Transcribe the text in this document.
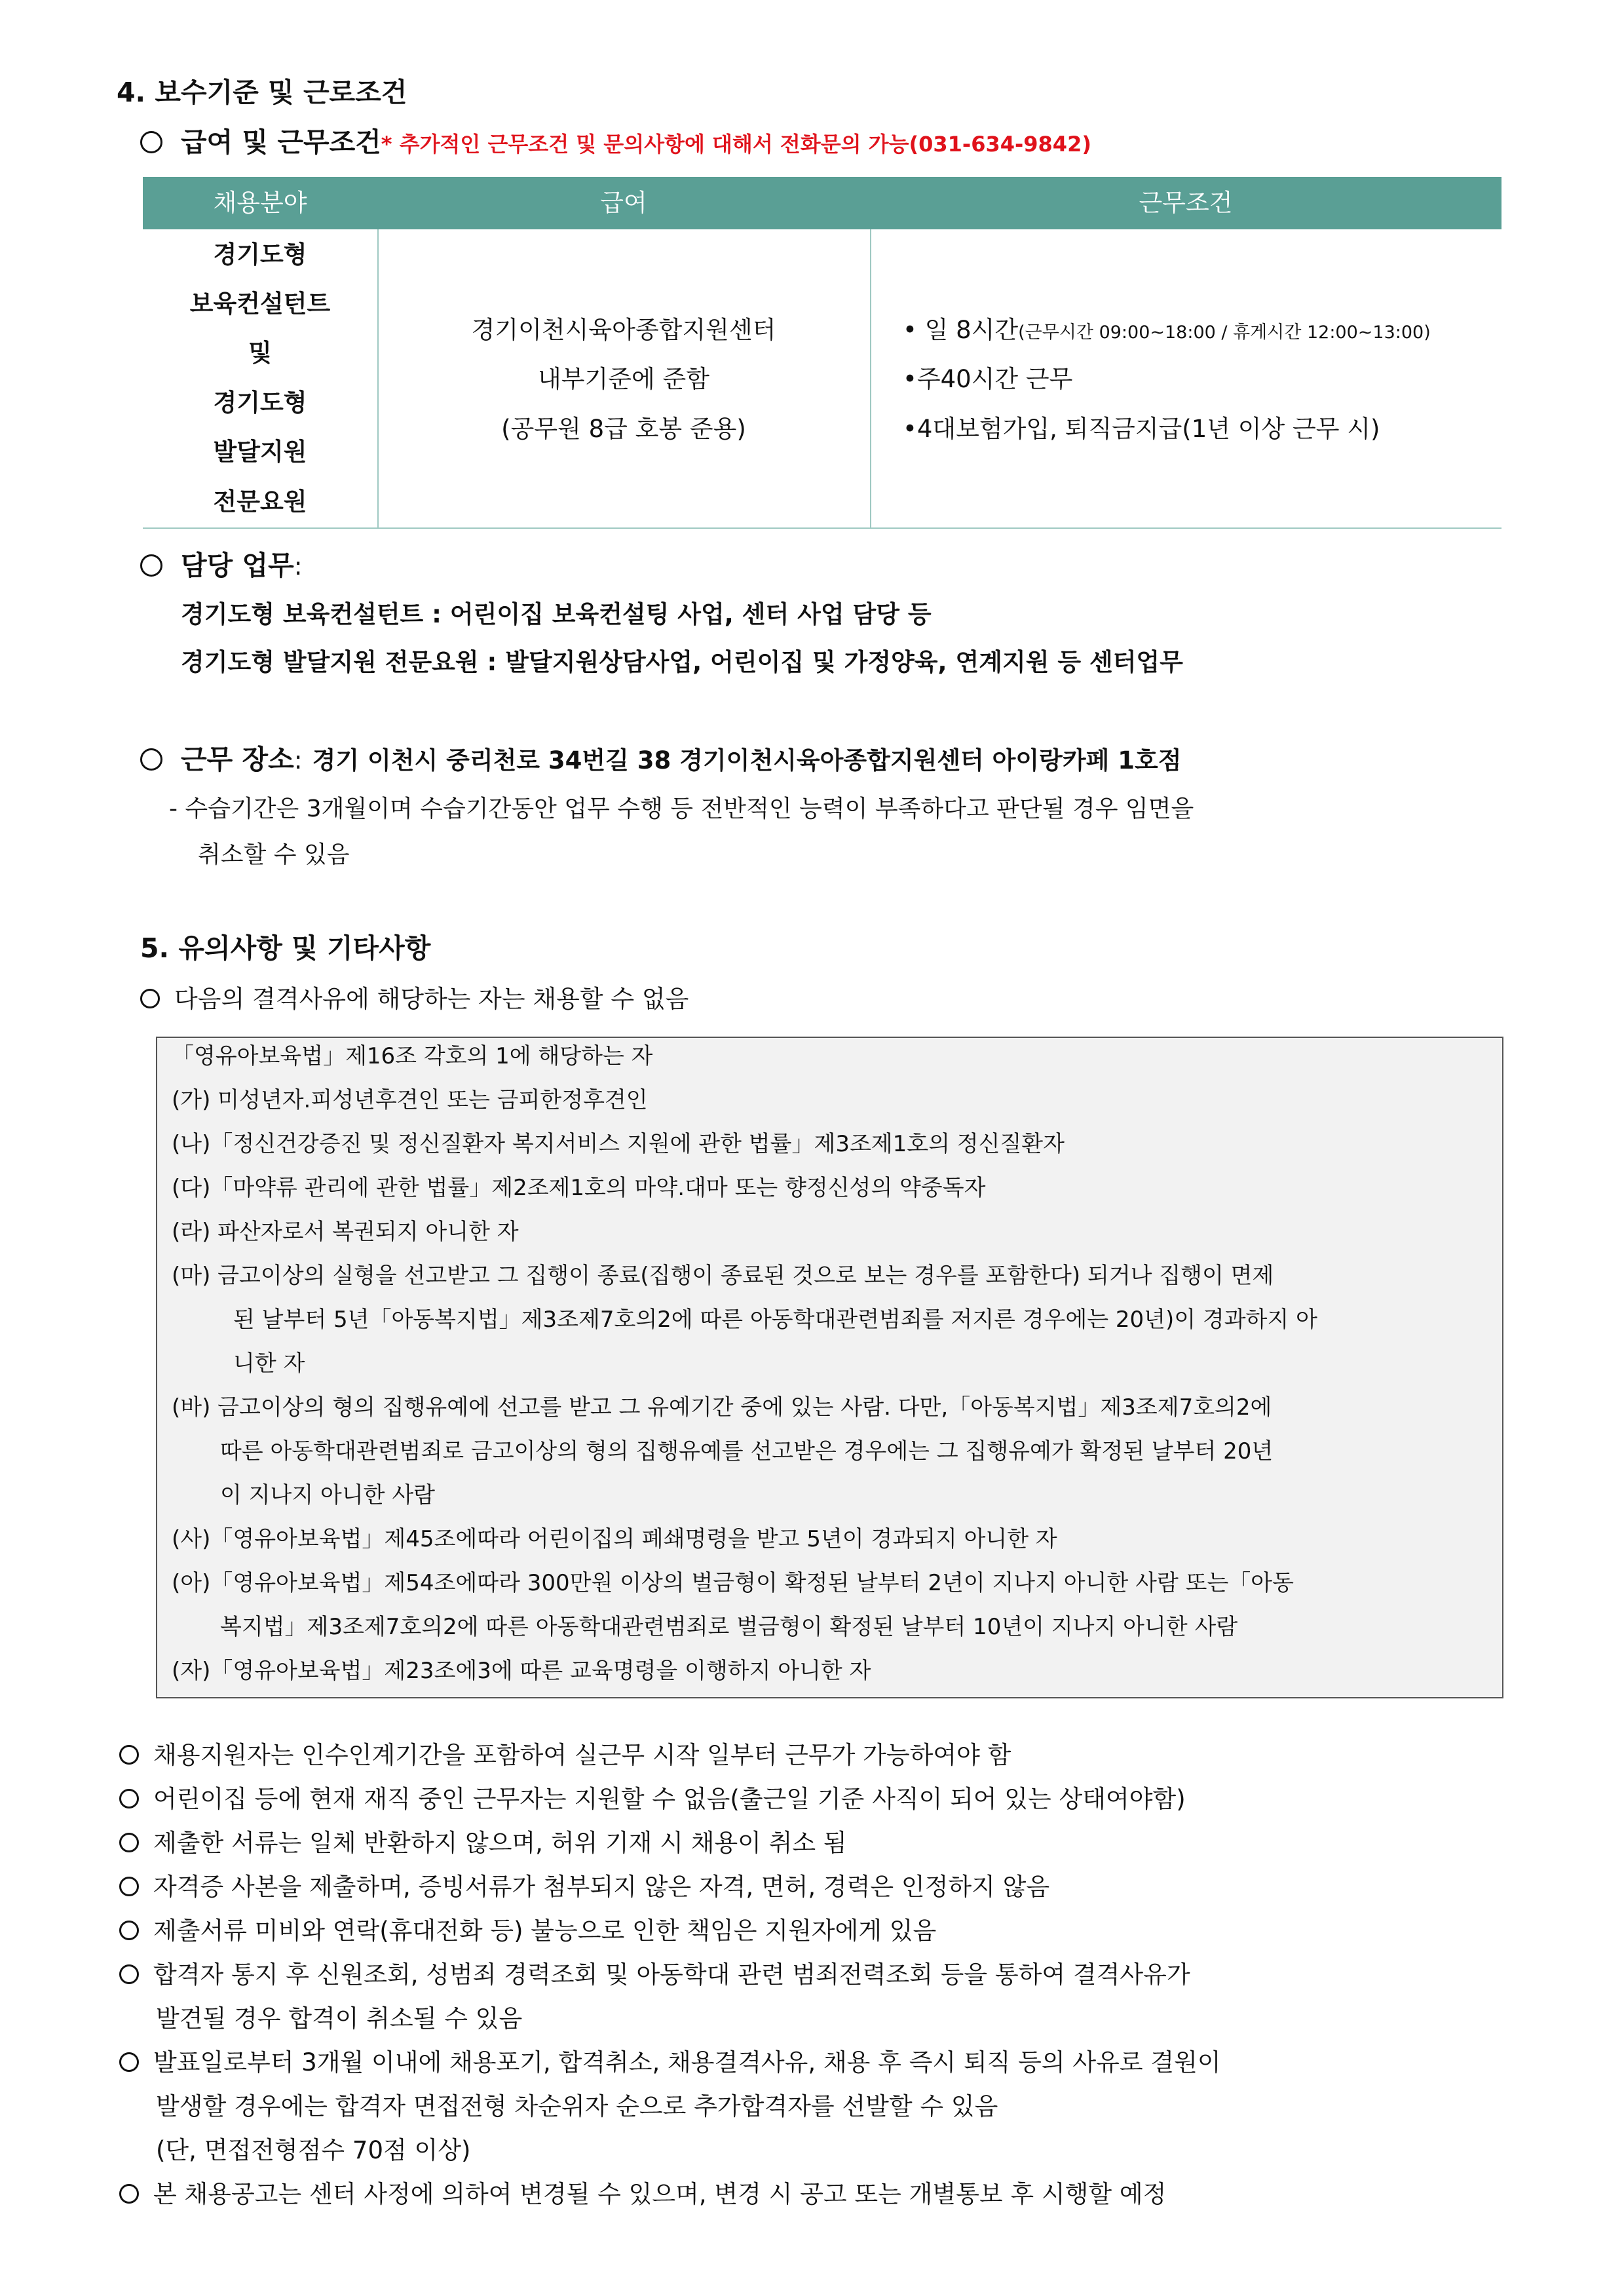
4. 보수기준 및 근로조건
급여 및 근무조건* 추가적인 근무조건 및 문의사항에 대해서 전화문의 가능(031-634-9842)
채용분야	급여	근무조건
경기도형
보육컨설턴트
및
경기도형
발달지원
전문요원
경기이천시육아종합지원센터
내부기준에 준함
(공무원 8급 호봉 준용)
• 일 8시간(근무시간 09:00~18:00 / 휴게시간 12:00~13:00)
•주40시간 근무
•4대보험가입, 퇴직금지급(1년 이상 근무 시)
담당 업무:
경기도형 보육컨설턴트 : 어린이집 보육컨설팅 사업, 센터 사업 담당 등
경기도형 발달지원 전문요원 : 발달지원상담사업, 어린이집 및 가정양육, 연계지원 등 센터업무
근무 장소: 경기 이천시 중리천로 34번길 38 경기이천시육아종합지원센터 아이랑카페 1호점
- 수습기간은 3개월이며 수습기간동안 업무 수행 등 전반적인 능력이 부족하다고 판단될 경우 임면을
취소할 수 있음
5. 유의사항 및 기타사항
다음의 결격사유에 해당하는 자는 채용할 수 없음
「영유아보육법」제16조 각호의 1에 해당하는 자
(가) 미성년자.피성년후견인 또는 금피한정후견인
(나)「정신건강증진 및 정신질환자 복지서비스 지원에 관한 법률」제3조제1호의 정신질환자
(다)「마약류 관리에 관한 법률」제2조제1호의 마약.대마 또는 향정신성의 약중독자
(라) 파산자로서 복권되지 아니한 자
(마) 금고이상의 실형을 선고받고 그 집행이 종료(집행이 종료된 것으로 보는 경우를 포함한다) 되거나 집행이 면제
된 날부터 5년「아동복지법」제3조제7호의2에 따른 아동학대관련범죄를 저지른 경우에는 20년)이 경과하지 아
니한 자
(바) 금고이상의 형의 집행유예에 선고를 받고 그 유예기간 중에 있는 사람. 다만,「아동복지법」제3조제7호의2에
따른 아동학대관련범죄로 금고이상의 형의 집행유예를 선고받은 경우에는 그 집행유예가 확정된 날부터 20년
이 지나지 아니한 사람
(사)「영유아보육법」제45조에따라 어린이집의 폐쇄명령을 받고 5년이 경과되지 아니한 자
(아)「영유아보육법」제54조에따라 300만원 이상의 벌금형이 확정된 날부터 2년이 지나지 아니한 사람 또는「아동
복지법」제3조제7호의2에 따른 아동학대관련범죄로 벌금형이 확정된 날부터 10년이 지나지 아니한 사람
(자)「영유아보육법」제23조에3에 따른 교육명령을 이행하지 아니한 자
채용지원자는 인수인계기간을 포함하여 실근무 시작 일부터 근무가 가능하여야 함
어린이집 등에 현재 재직 중인 근무자는 지원할 수 없음(출근일 기준 사직이 되어 있는 상태여야함)
제출한 서류는 일체 반환하지 않으며, 허위 기재 시 채용이 취소 됨
자격증 사본을 제출하며, 증빙서류가 첨부되지 않은 자격, 면허, 경력은 인정하지 않음
제출서류 미비와 연락(휴대전화 등) 불능으로 인한 책임은 지원자에게 있음
합격자 통지 후 신원조회, 성범죄 경력조회 및 아동학대 관련 범죄전력조회 등을 통하여 결격사유가
발견될 경우 합격이 취소될 수 있음
발표일로부터 3개월 이내에 채용포기, 합격취소, 채용결격사유, 채용 후 즉시 퇴직 등의 사유로 결원이
발생할 경우에는 합격자 면접전형 차순위자 순으로 추가합격자를 선발할 수 있음
(단, 면접전형점수 70점 이상)
본 채용공고는 센터 사정에 의하여 변경될 수 있으며, 변경 시 공고 또는 개별통보 후 시행할 예정
